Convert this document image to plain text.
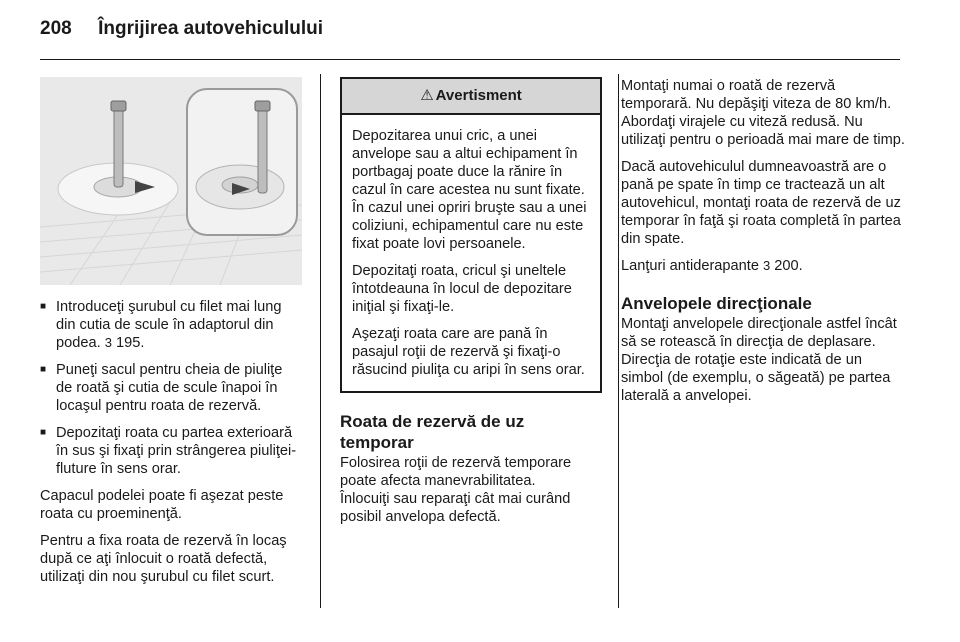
208 Îngrijirea autovehiculului
■ Introduceţi şurubul cu filet mai lung din cutia de scule în adaptorul din podea. 3 195.
■ Puneţi sacul pentru cheia de piuliţe de roată şi cutia de scule înapoi în locaşul pentru roata de rezervă.
■ Depozitaţi roata cu partea exterioară în sus şi fixaţi prin strângerea piuliţei-fluture în sens orar.

Capacul podelei poate fi aşezat peste roata cu proeminenţă.

Pentru a fixa roata de rezervă în locaş după ce aţi înlocuit o roată defectă, utilizaţi din nou şurubul cu filet scurt.

⚠ Avertisment

Depozitarea unui cric, a unei anvelope sau a altui echipament în portbagaj poate duce la rănire în cazul în care acestea nu sunt fixate. În cazul unei opriri bruşte sau a unei coliziuni, echipamentul care nu este fixat poate lovi persoanele.

Depozitaţi roata, cricul şi uneltele întotdeauna în locul de depozitare iniţial şi fixaţi-le.

Aşezaţi roata care are pană în pasajul roţii de rezervă şi fixaţi-o răsucind piuliţa cu aripi în sens orar.

Roata de rezervă de uz temporar

Folosirea roţii de rezervă temporare poate afecta manevrabilitatea.

Înlocuiţi sau reparaţi cât mai curând posibil anvelopa defectă.

Montaţi numai o roată de rezervă temporară. Nu depăşiţi viteza de 80 km/h. Abordaţi virajele cu viteză redusă. Nu utilizaţi pentru o perioadă mai mare de timp.

Dacă autovehiculul dumneavoastră are o pană pe spate în timp ce tractează un alt autovehicul, montaţi roata de rezervă de uz temporar în faţă şi roata completă în partea din spate.

Lanţuri antiderapante 3 200.

Anvelopele direcţionale

Montaţi anvelopele direcţionale astfel încât să se rotească în direcţia de deplasare. Direcţia de rotaţie este indicată de un simbol (de exemplu, o săgeată) pe partea laterală a anvelopei.
